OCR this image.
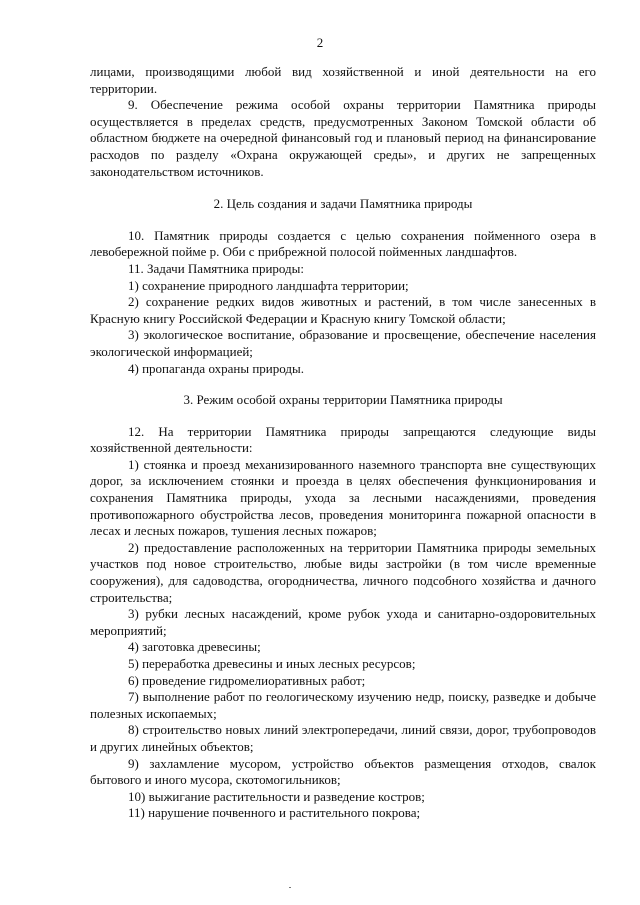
2

лицами, производящими любой вид хозяйственной и иной деятельности на его территории.

9. Обеспечение режима особой охраны территории Памятника природы осуществляется в пределах средств, предусмотренных Законом Томской области об областном бюджете на очередной финансовый год и плановый период на финансирование расходов по разделу «Охрана окружающей среды», и других не запрещенных законодательством источников.

2. Цель создания и задачи Памятника природы

10. Памятник природы создается с целью сохранения пойменного озера в левобережной пойме р. Оби с прибрежной полосой пойменных ландшафтов.

11. Задачи Памятника природы:

1) сохранение природного ландшафта территории;

2) сохранение редких видов животных и растений, в том числе занесенных в Красную книгу Российской Федерации и Красную книгу Томской области;

3) экологическое воспитание, образование и просвещение, обеспечение населения экологической информацией;

4) пропаганда охраны природы.

3. Режим особой охраны территории Памятника природы

12. На территории Памятника природы запрещаются следующие виды хозяйственной деятельности:

1) стоянка и проезд механизированного наземного транспорта вне существующих дорог, за исключением стоянки и проезда в целях обеспечения функционирования и сохранения Памятника природы, ухода за лесными насаждениями, проведения противопожарного обустройства лесов, проведения мониторинга пожарной опасности в лесах и лесных пожаров, тушения лесных пожаров;

2) предоставление расположенных на территории Памятника природы земельных участков под новое строительство, любые виды застройки (в том числе временные сооружения), для садоводства, огородничества, личного подсобного хозяйства и дачного строительства;

3) рубки лесных насаждений, кроме рубок ухода и санитарно-оздоровительных мероприятий;

4) заготовка древесины;

5) переработка древесины и иных лесных ресурсов;

6) проведение гидромелиоративных работ;

7) выполнение работ по геологическому изучению недр, поиску, разведке и добыче полезных ископаемых;

8) строительство новых линий электропередачи, линий связи, дорог, трубопроводов и других линейных объектов;

9) захламление мусором, устройство объектов размещения отходов, свалок бытового и иного мусора, скотомогильников;

10) выжигание растительности и разведение костров;

11) нарушение почвенного и растительного покрова;
